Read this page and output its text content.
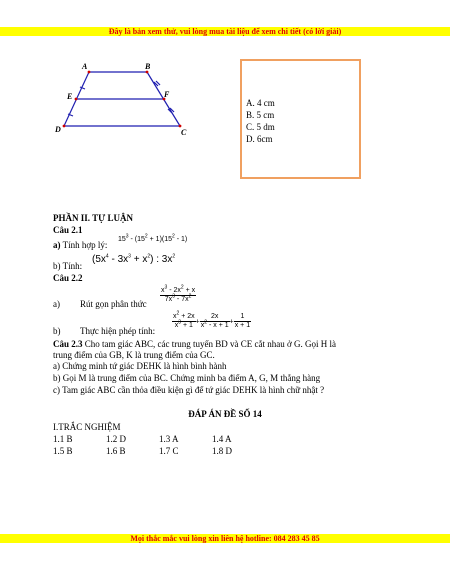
Đây là bản xem thử, vui lòng mua tài liệu để xem chi tiết (có lời giải)
Mọi thắc mắc vui lòng xin liên hệ hotline: 084 283 45 85
A	B
C
D
E	F
A. 4 cm
B. 5 cm
C. 5 dm
D. 6cm
PHẦN II. TỰ LUẬN
Câu 2.1
a) Tính hợp lý:
$15^3 - (15^2 + 1)(15^2 - 1)$
b) Tính:
$(5x^4 - 3x^3 + x^2)$ : $3x^2$
Câu 2.2
a) Rút gọn phân thức
$\frac{x^3 - 2x^2 + x}{7x^3 - 7x^2}$
b) Thực hiện phép tính:
$\frac{x^2 + 2x}{x^3 + 1} + \frac{2x}{x^2 - x + 1} + \frac{1}{x + 1}$
Câu 2.3 Cho tam giác ABC, các trung tuyến BD và CE cắt nhau ở G. Gọi H là
trung điểm của GB, K là trung điểm của GC.
a) Chứng minh tứ giác DEHK là hình bình hành
b) Gọi M là trung điểm của BC. Chứng minh ba điểm A, G, M thẳng hàng
c) Tam giác ABC cần thỏa điều kiện gì để tứ giác DEHK là hình chữ nhật ?
ĐÁP ÁN ĐỀ SỐ 14
I.TRẮC NGHIỆM
1.1 B	1.2 D	1.3 A	1.4 A
1.5 B	1.6 B	1.7 C	1.8 D
